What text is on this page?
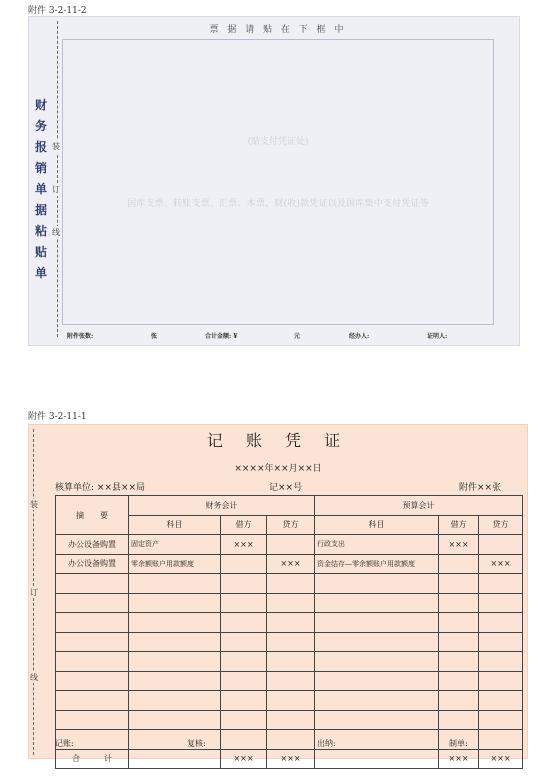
附件 3-2-11-2
财务报销单据粘贴单
装
订
线
票 据 请 贴 在 下 框 中
(贴支付凭证处)
国库支票、转账支票、汇票、本票、财(收)款凭证以及国库集中支付凭证等
附件张数:	张	合计金额: ¥	元	经办人:	证明人:
附件 3-2-11-1
装
订
线
记 账 凭 证
××××年××月××日
核算单位: ××县××局	记××号	附件××张
摘　　要	财务会计			预算会计		
	科目	借方	贷方	科目	借方	贷方
办公设备购置	固定资产	×××		行政支出	×××	
办公设备购置	零余额账户用款额度		×××	资金结存—零余额账户用款额度		×××

合　　　计		×××	×××		×××	×××
记账:	复核:	出纳:	制单:
